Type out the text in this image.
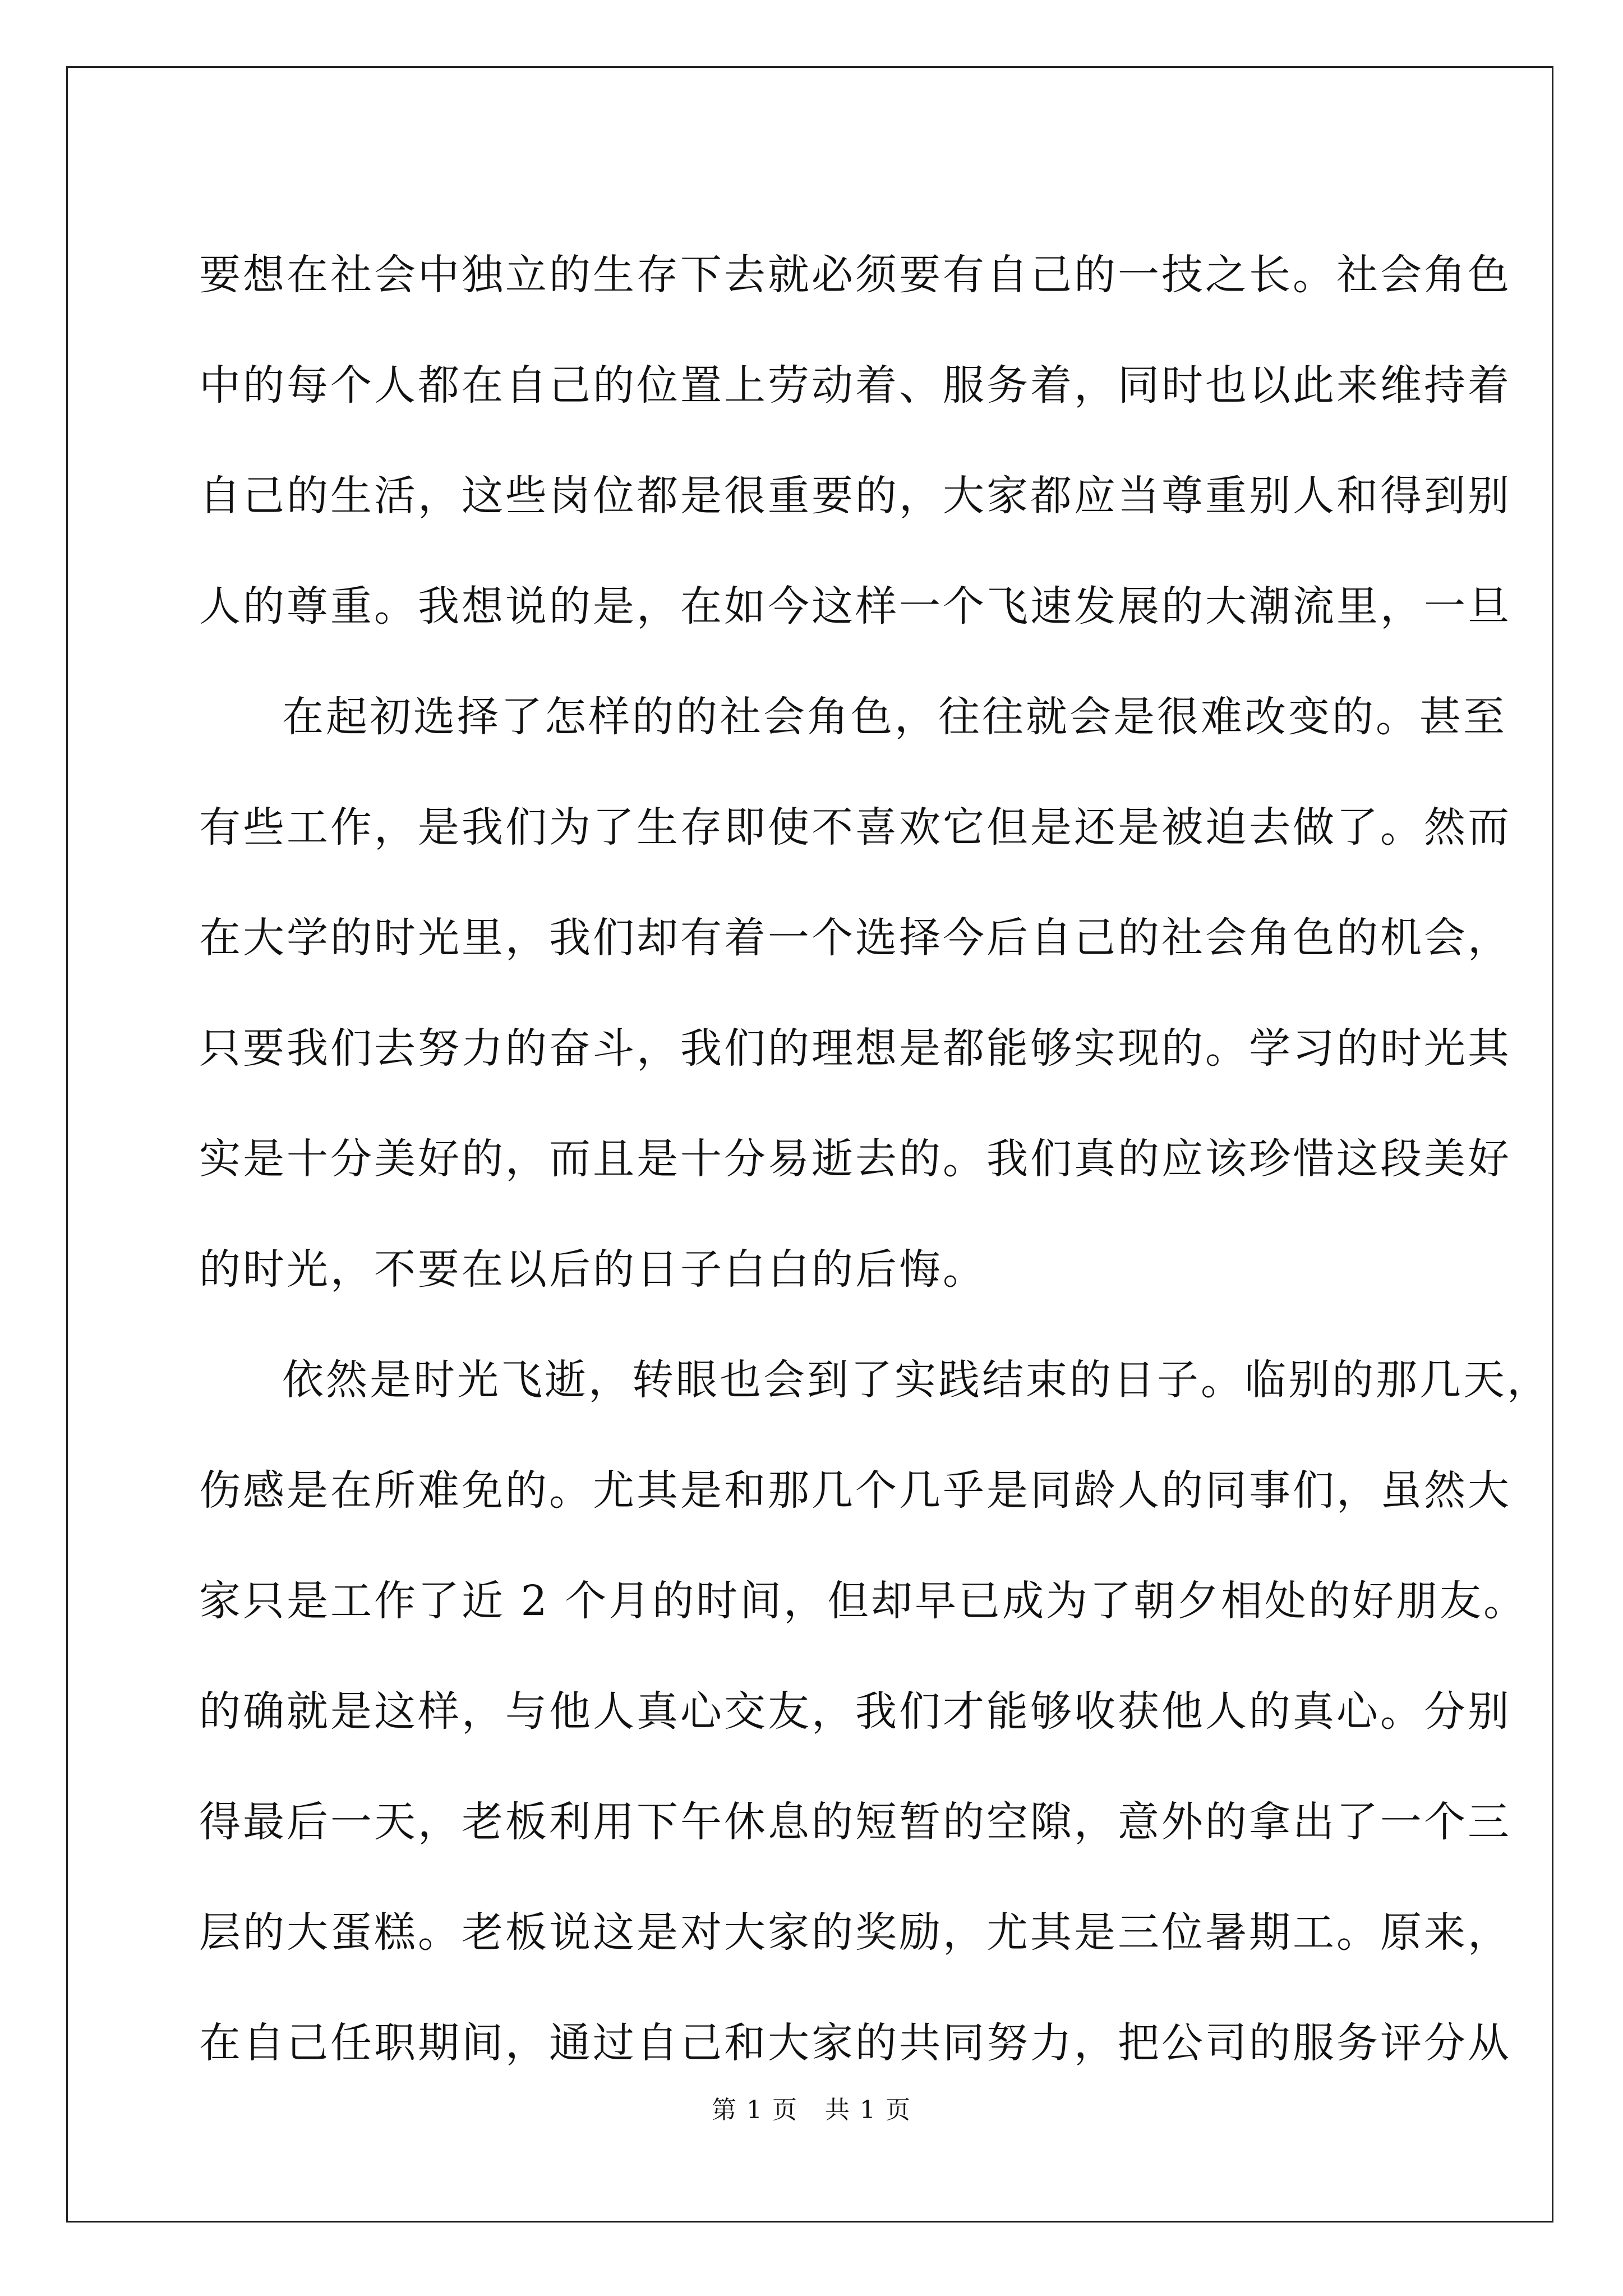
要想在社会中独立的生存下去就必须要有自己的一技之长。社会角色
中的每个人都在自己的位置上劳动着、服务着，同时也以此来维持着
自己的生活，这些岗位都是很重要的，大家都应当尊重别人和得到别
人的尊重。我想说的是，在如今这样一个飞速发展的大潮流里，一旦
在起初选择了怎样的的社会角色，往往就会是很难改变的。甚至
有些工作，是我们为了生存即使不喜欢它但是还是被迫去做了。然而
在大学的时光里，我们却有着一个选择今后自己的社会角色的机会，
只要我们去努力的奋斗，我们的理想是都能够实现的。学习的时光其
实是十分美好的，而且是十分易逝去的。我们真的应该珍惜这段美好
的时光，不要在以后的日子白白的后悔。
依然是时光飞逝，转眼也会到了实践结束的日子。临别的那几天，
伤感是在所难免的。尤其是和那几个几乎是同龄人的同事们，虽然大
家只是工作了近 2 个月的时间，但却早已成为了朝夕相处的好朋友。
的确就是这样，与他人真心交友，我们才能够收获他人的真心。分别
得最后一天，老板利用下午休息的短暂的空隙，意外的拿出了一个三
层的大蛋糕。老板说这是对大家的奖励，尤其是三位暑期工。原来，
在自己任职期间，通过自己和大家的共同努力，把公司的服务评分从
第 1 页   共 1 页
